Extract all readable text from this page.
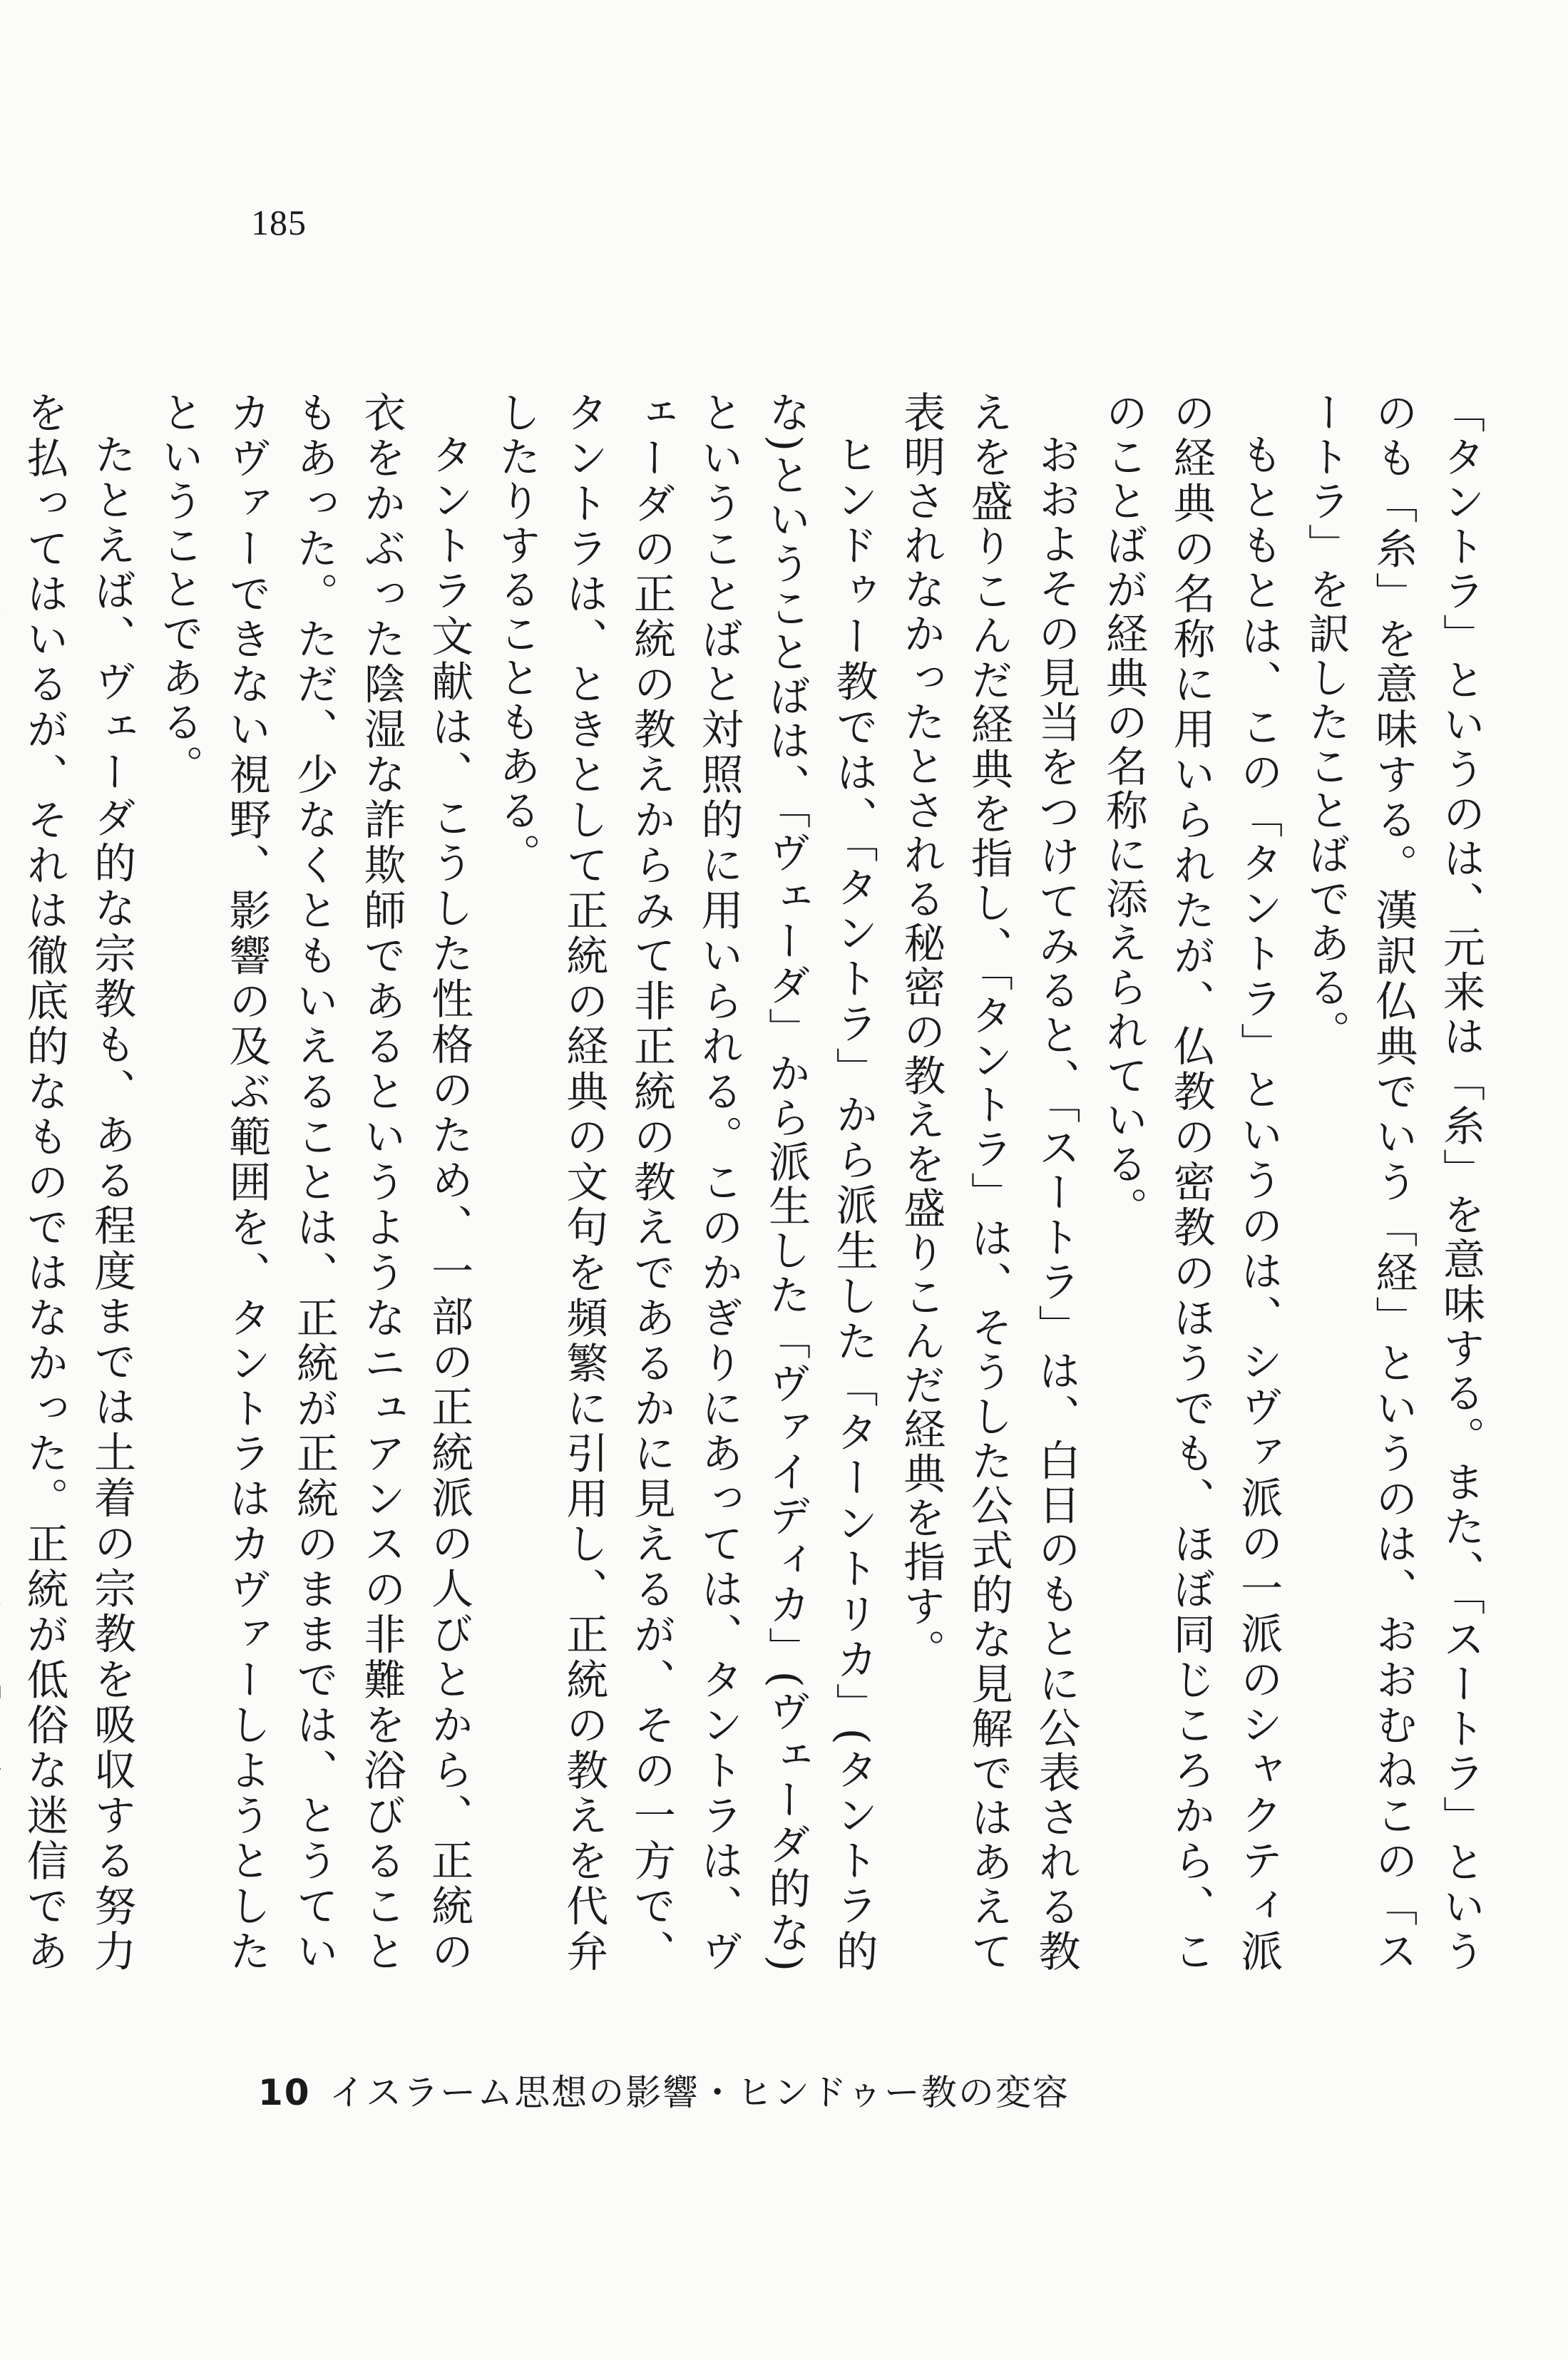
185

「タントラ」というのは、元来は「糸」を意味する。また、「スートラ」というのも「糸」を意味する。漢訳仏典でいう「経」というのは、おおむねこの「スートラ」を訳したことばである。

もともとは、この「タントラ」というのは、シヴァ派の一派のシャクティ派の経典の名称に用いられたが、仏教の密教のほうでも、ほぼ同じころから、このことばが経典の名称に添えられている。

おおよその見当をつけてみると、「スートラ」は、白日のもとに公表される教えを盛りこんだ経典を指し、「タントラ」は、そうした公式的な見解ではあえて表明されなかったとされる秘密の教えを盛りこんだ経典を指す。

ヒンドゥー教では、「タントラ」から派生した「ターントリカ」(タントラ的な)ということばは、「ヴェーダ」から派生した「ヴァイディカ」(ヴェーダ的な)ということばと対照的に用いられる。このかぎりにあっては、タントラは、ヴェーダの正統の教えからみて非正統の教えであるかに見えるが、その一方で、タントラは、ときとして正統の経典の文句を頻繁に引用し、正統の教えを代弁したりすることもある。

タントラ文献は、こうした性格のため、一部の正統派の人びとから、正統の衣をかぶった陰湿な詐欺師であるというようなニュアンスの非難を浴びることもあった。ただ、少なくともいえることは、正統が正統のままでは、とうていカヴァーできない視野、影響の及ぶ範囲を、タントラはカヴァーしようとしたということである。

たとえば、ヴェーダ的な宗教も、ある程度までは土着の宗教を吸収する努力を払ってはいるが、それは徹底的なものではなかった。正統が低俗な迷信であ

10 イスラーム思想の影響・ヒンドゥー教の変容
